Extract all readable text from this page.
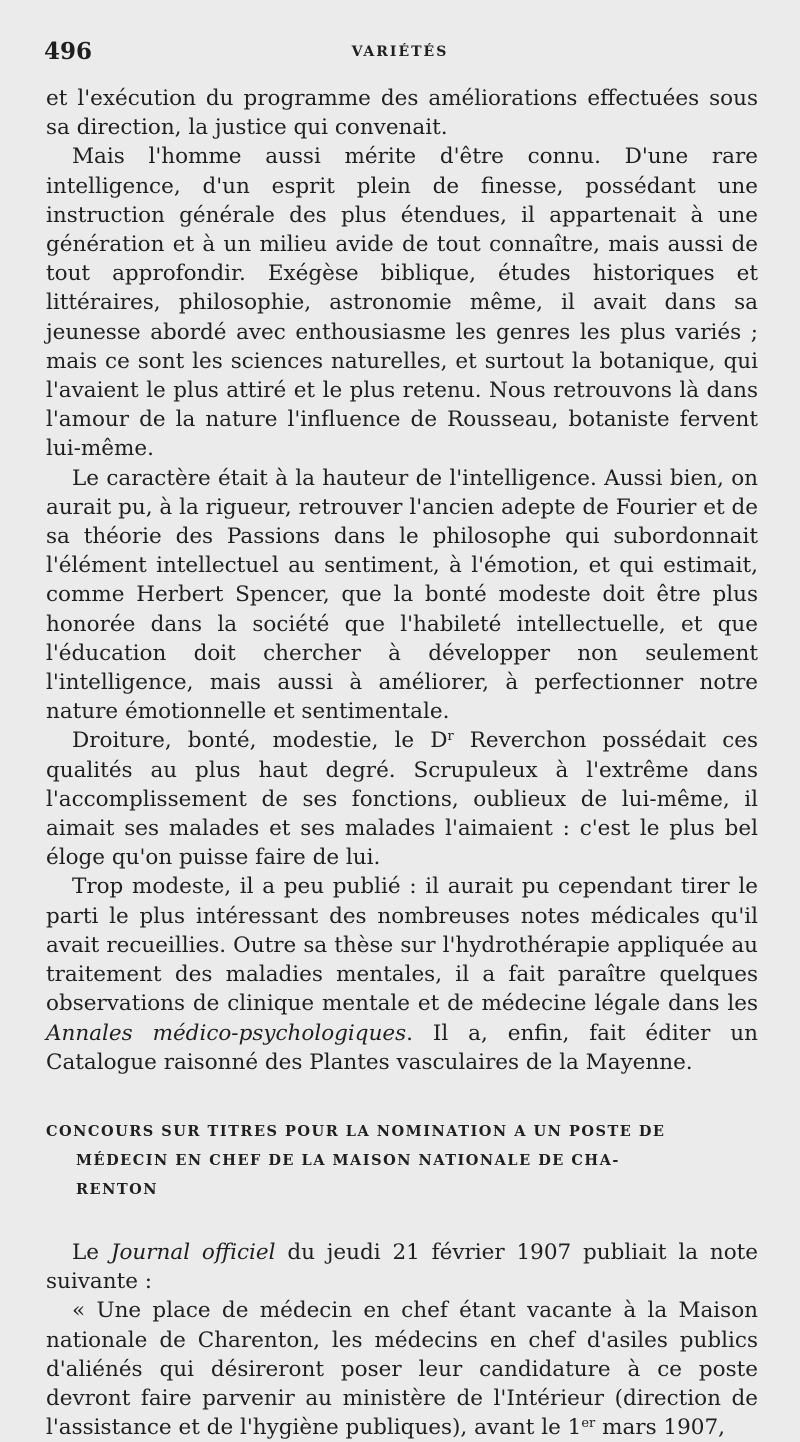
496	VARIÉTÉS

et l'exécution du programme des améliorations effectuées sous sa direction, la justice qui convenait.

Mais l'homme aussi mérite d'être connu. D'une rare intelligence, d'un esprit plein de finesse, possédant une instruction générale des plus étendues, il appartenait à une génération et à un milieu avide de tout connaître, mais aussi de tout approfondir. Exégèse biblique, études historiques et littéraires, philosophie, astronomie même, il avait dans sa jeunesse abordé avec enthousiasme les genres les plus variés ; mais ce sont les sciences naturelles, et surtout la botanique, qui l'avaient le plus attiré et le plus retenu. Nous retrouvons là dans l'amour de la nature l'influence de Rousseau, botaniste fervent lui-même.

Le caractère était à la hauteur de l'intelligence. Aussi bien, on aurait pu, à la rigueur, retrouver l'ancien adepte de Fourier et de sa théorie des Passions dans le philosophe qui subordonnait l'élément intellectuel au sentiment, à l'émotion, et qui estimait, comme Herbert Spencer, que la bonté modeste doit être plus honorée dans la société que l'habileté intellectuelle, et que l'éducation doit chercher à développer non seulement l'intelligence, mais aussi à améliorer, à perfectionner notre nature émotionnelle et sentimentale.

Droiture, bonté, modestie, le $D^r$ Reverchon possédait ces qualités au plus haut degré. Scrupuleux à l'extrême dans l'accomplissement de ses fonctions, oublieux de lui-même, il aimait ses malades et ses malades l'aimaient : c'est le plus bel éloge qu'on puisse faire de lui.

Trop modeste, il a peu publié : il aurait pu cependant tirer le parti le plus intéressant des nombreuses notes médicales qu'il avait recueillies. Outre sa thèse sur l'hydrothérapie appliquée au traitement des maladies mentales, il a fait paraître quelques observations de clinique mentale et de médecine légale dans les Annales médico-psychologiques. Il a, enfin, fait éditer un Catalogue raisonné des Plantes vasculaires de la Mayenne.

CONCOURS SUR TITRES POUR LA NOMINATION A UN POSTE DE
MÉDECIN EN CHEF DE LA MAISON NATIONALE DE CHA-
RENTON

Le Journal officiel du jeudi 21 février 1907 publiait la note suivante :

« Une place de médecin en chef étant vacante à la Maison nationale de Charenton, les médecins en chef d'asiles publics d'aliénés qui désireront poser leur candidature à ce poste devront faire parvenir au ministère de l'Intérieur (direction de l'assistance et de l'hygiène publiques), avant le 1er mars 1907,
